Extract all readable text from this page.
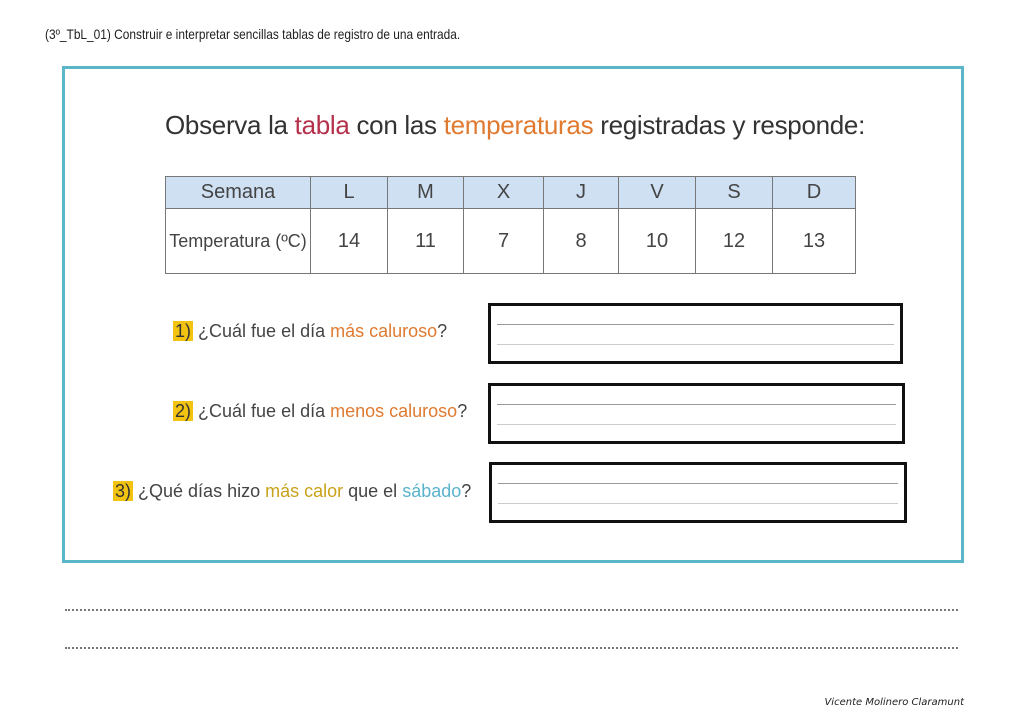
(3º_TbL_01) Construir e interpretar sencillas tablas de registro de una entrada.
Observa la tabla con las temperaturas registradas y responde:
Semana	L	M	X	J	V	S	D
Temperatura (ºC)	14	11	7	8	10	12	13
1) ¿Cuál fue el día más caluroso?
2) ¿Cuál fue el día menos caluroso?
3) ¿Qué días hizo más calor que el sábado?
Vicente Molinero Claramunt
